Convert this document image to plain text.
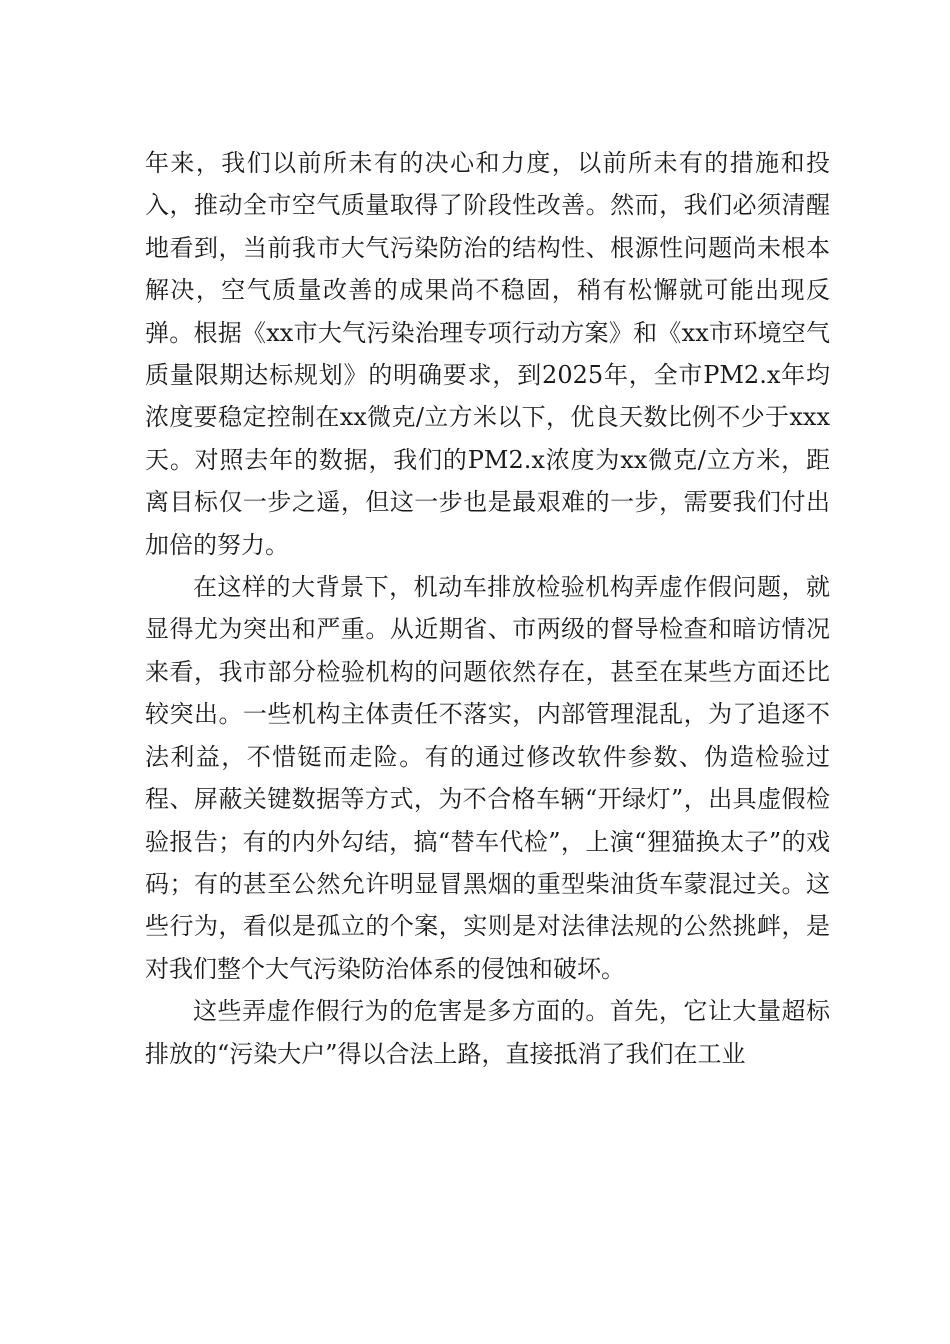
年来，我们以前所未有的决心和力度，以前所未有的措施和投入，推动全市空气质量取得了阶段性改善。然而，我们必须清醒地看到，当前我市大气污染防治的结构性、根源性问题尚未根本解决，空气质量改善的成果尚不稳固，稍有松懈就可能出现反弹。根据《xx市大气污染治理专项行动方案》和《xx市环境空气质量限期达标规划》的明确要求，到2025年，全市PM2.x年均浓度要稳定控制在xx微克/立方米以下，优良天数比例不少于xxx天。对照去年的数据，我们的PM2.x浓度为xx微克/立方米，距离目标仅一步之遥，但这一步也是最艰难的一步，需要我们付出加倍的努力。

在这样的大背景下，机动车排放检验机构弄虚作假问题，就显得尤为突出和严重。从近期省、市两级的督导检查和暗访情况来看，我市部分检验机构的问题依然存在，甚至在某些方面还比较突出。一些机构主体责任不落实，内部管理混乱，为了追逐不法利益，不惜铤而走险。有的通过修改软件参数、伪造检验过程、屏蔽关键数据等方式，为不合格车辆“开绿灯”，出具虚假检验报告；有的内外勾结，搞“替车代检”，上演“狸猫换太子”的戏码；有的甚至公然允许明显冒黑烟的重型柴油货车蒙混过关。这些行为，看似是孤立的个案，实则是对法律法规的公然挑衅，是对我们整个大气污染防治体系的侵蚀和破坏。

这些弄虚作假行为的危害是多方面的。首先，它让大量超标排放的“污染大户”得以合法上路，直接抵消了我们在工业
